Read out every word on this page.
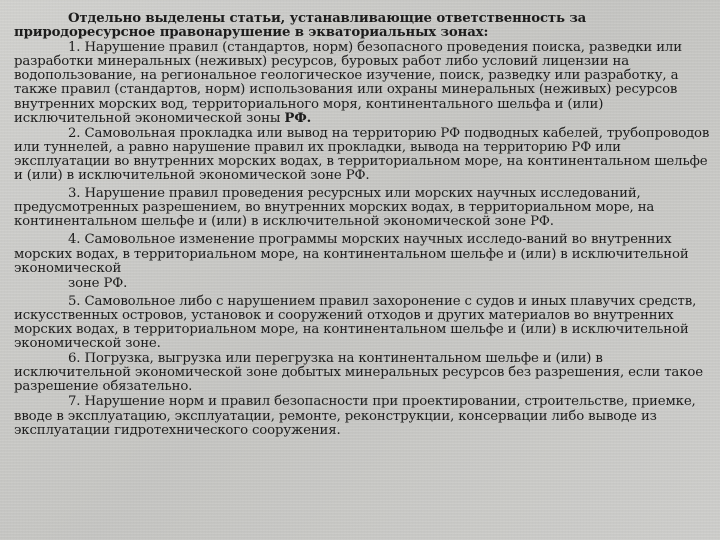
Отдельно выделены статьи, устанавливающие ответственность за природоресурсное правонарушение в экваториальных зонах:

1. Нарушение правил (стандартов, норм) безопасного проведения поиска, разведки или разработки минеральных (неживых) ресурсов, буровых работ либо условий лицензии на водопользование, на региональное геологическое изучение, поиск, разведку или разработку, а также правил (стандартов, норм) использования или охраны минеральных (неживых) ресурсов внутренних морских вод, территориального моря, континентального шельфа и (или) исключительной экономической зоны РФ.

2. Самовольная прокладка или вывод на территорию РФ подводных кабелей, трубопроводов или туннелей, а равно нарушение правил их прокладки, вывода на территорию РФ или эксплуатации во внутренних морских водах, в территориальном море, на континентальном шельфе и (или) в исключительной экономической зоне РФ.

3. Нарушение правил проведения ресурсных или морских научных исследований, предусмотренных разрешением, во внутренних морских водах, в территориальном море, на континентальном шельфе и (или) в исключительной экономической зоне РФ.

4. Самовольное изменение программы морских научных исследо-ваний во внутренних морских водах, в территориальном море, на континентальном шельфе и (или) в исключительной экономической

зоне РФ.

5. Самовольное либо с нарушением правил захоронение с судов и иных плавучих средств, искусственных островов, установок и сооружений отходов и других материалов во внутренних морских водах, в территориальном море, на континентальном шельфе и (или) в исключительной экономической зоне.

6. Погрузка, выгрузка или перегрузка на континентальном шельфе и (или) в исключительной экономической зоне добытых минеральных ресурсов без разрешения, если такое разрешение обязательно.

7. Нарушение норм и правил безопасности при проектировании, строительстве, приемке, вводе в эксплуатацию, эксплуатации, ремонте, реконструкции, консервации либо выводе из эксплуатации гидротехнического сооружения.
